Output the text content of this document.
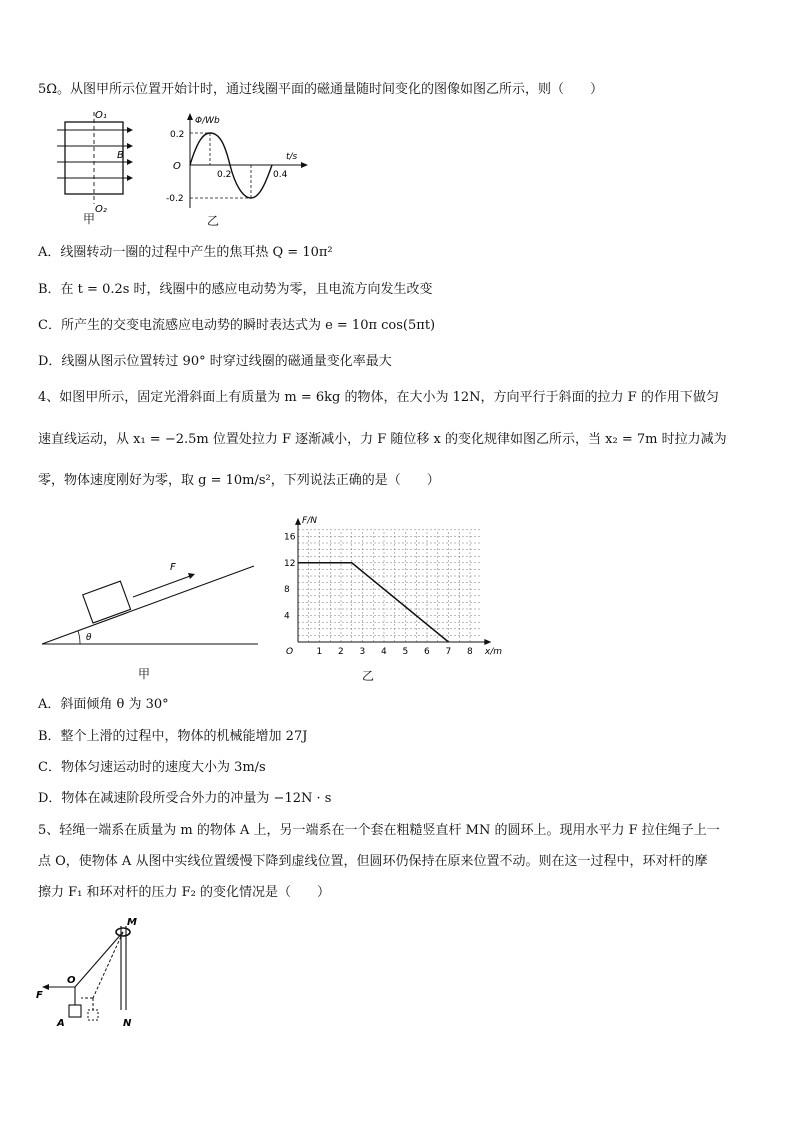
5Ω。从图甲所示位置开始计时，通过线圈平面的磁通量随时间变化的图像如图乙所示，则（　　）
O₁
O₂
B
甲
Φ/Wb
t/s
O
0.2
-0.2
0.2	0.4
乙
A．线圈转动一圈的过程中产生的焦耳热 Q = 10π²
B．在 t = 0.2s 时，线圈中的感应电动势为零，且电流方向发生改变
C．所产生的交变电流感应电动势的瞬时表达式为 e = 10π cos(5πt)
D．线圈从图示位置转过 90° 时穿过线圈的磁通量变化率最大
4、如图甲所示，固定光滑斜面上有质量为 m = 6kg 的物体，在大小为 12N，方向平行于斜面的拉力 F 的作用下做匀
速直线运动，从 x₁ = −2.5m 位置处拉力 F 逐渐减小，力 F 随位移 x 的变化规律如图乙所示，当 x₂ = 7m 时拉力减为
零，物体速度刚好为零，取 g = 10m/s²，下列说法正确的是（　　）
F
θ
甲
1 2 3 4 5 6 7 8
4
8
12
16
O	x/m
F/N
乙
A．斜面倾角 θ 为 30°
B．整个上滑的过程中，物体的机械能增加 27J
C．物体匀速运动时的速度大小为 3m/s
D．物体在减速阶段所受合外力的冲量为 −12N · s
5、轻绳一端系在质量为 m 的物体 A 上，另一端系在一个套在粗糙竖直杆 MN 的圆环上。现用水平力 F 拉住绳子上一
点 O，使物体 A 从图中实线位置缓慢下降到虚线位置，但圆环仍保持在原来位置不动。则在这一过程中，环对杆的摩
擦力 F₁ 和环对杆的压力 F₂ 的变化情况是（　　）
M
N
O
F
A
